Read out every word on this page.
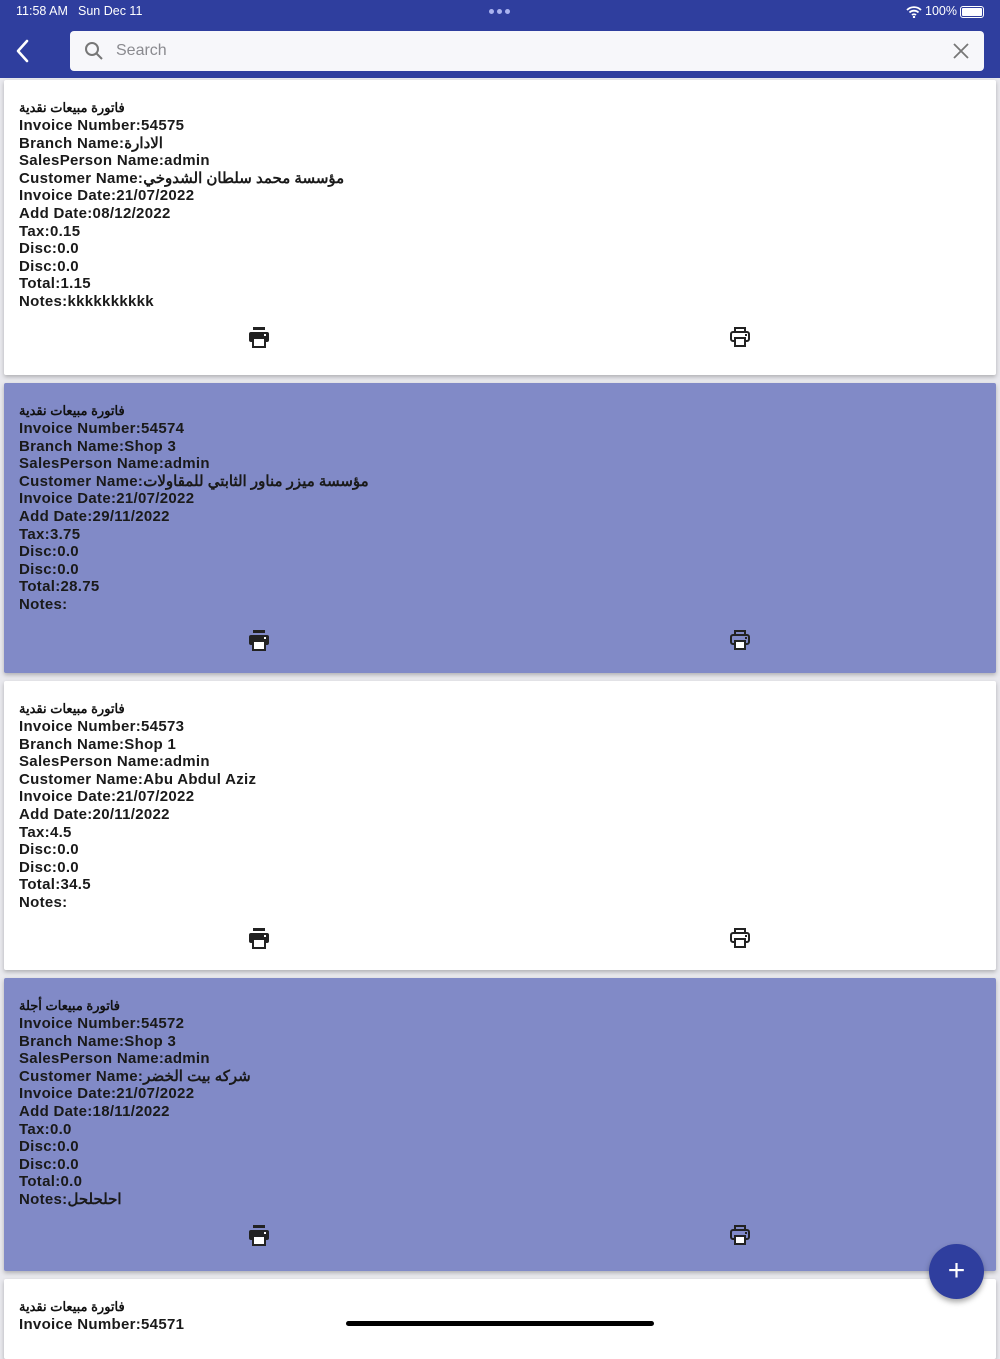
11:58 AM Sun Dec 11	100%
Search
فاتورة مبيعات نقدية
Invoice Number:54575
Branch Name:الادارة
SalesPerson Name:admin
Customer Name:مؤسسة محمد سلطان الشدوخي
Invoice Date:21/07/2022
Add Date:08/12/2022
Tax:0.15
Disc:0.0
Disc:0.0
Total:1.15
Notes:kkkkkkkkkk
فاتورة مبيعات نقدية
Invoice Number:54574
Branch Name:Shop 3
SalesPerson Name:admin
Customer Name:مؤسسة ميزر مناور الثابتي للمقاولات
Invoice Date:21/07/2022
Add Date:29/11/2022
Tax:3.75
Disc:0.0
Disc:0.0
Total:28.75
Notes:
فاتورة مبيعات نقدية
Invoice Number:54573
Branch Name:Shop 1
SalesPerson Name:admin
Customer Name:Abu Abdul Aziz
Invoice Date:21/07/2022
Add Date:20/11/2022
Tax:4.5
Disc:0.0
Disc:0.0
Total:34.5
Notes:
فاتورة مبيعات أجلة
Invoice Number:54572
Branch Name:Shop 3
SalesPerson Name:admin
Customer Name:شركه بيت الخضر
Invoice Date:21/07/2022
Add Date:18/11/2022
Tax:0.0
Disc:0.0
Disc:0.0
Total:0.0
Notes:احلحلحل
فاتورة مبيعات نقدية
Invoice Number:54571
+
